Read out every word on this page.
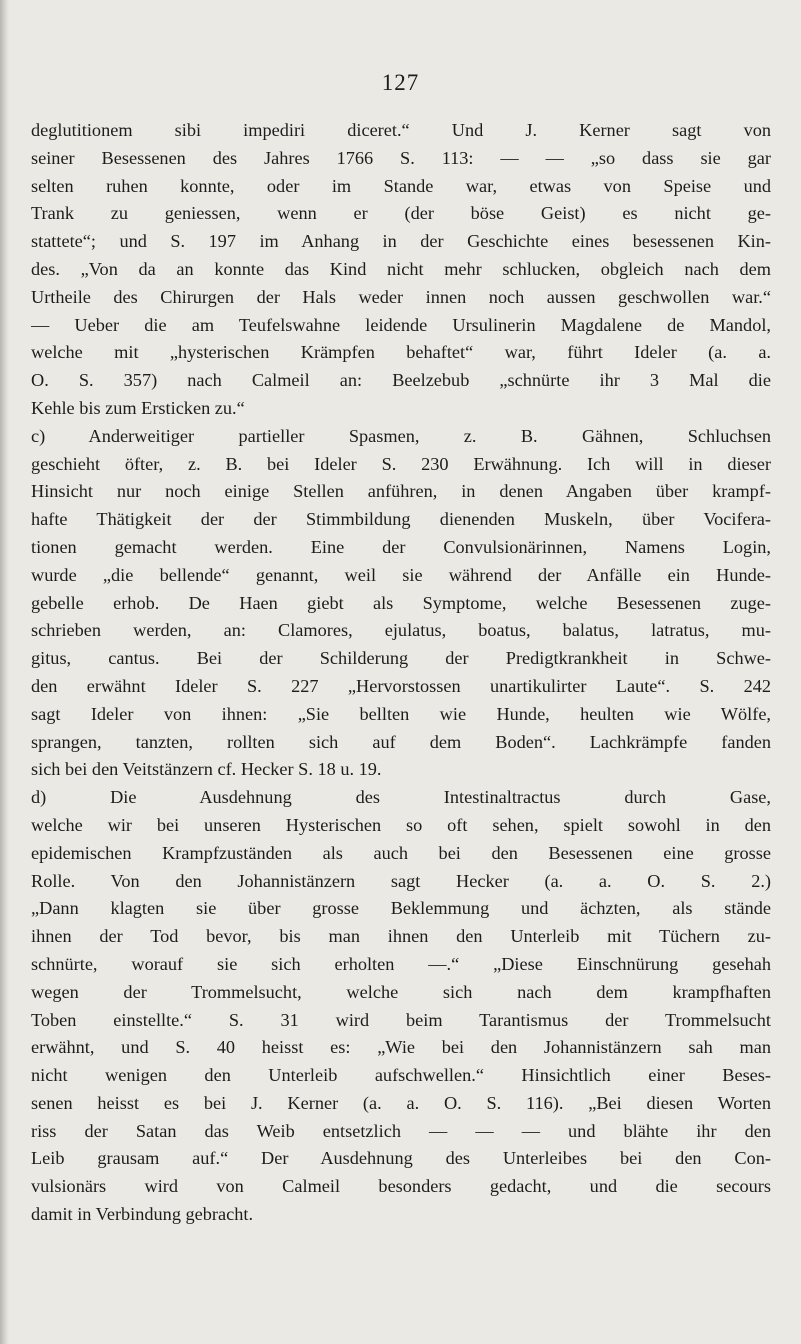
127
deglutitionem sibi impediri diceret.“ Und J. Kerner sagt von
seiner Besessenen des Jahres 1766 S. 113: — — „so dass sie gar
selten ruhen konnte, oder im Stande war, etwas von Speise und
Trank zu geniessen, wenn er (der böse Geist) es nicht ge-
stattete“; und S. 197 im Anhang in der Geschichte eines besessenen Kin-
des. „Von da an konnte das Kind nicht mehr schlucken, obgleich nach dem
Urtheile des Chirurgen der Hals weder innen noch aussen geschwollen war.“
— Ueber die am Teufelswahne leidende Ursulinerin Magdalene de Mandol,
welche mit „hysterischen Krämpfen behaftet“ war, führt Ideler (a. a.
O. S. 357) nach Calmeil an: Beelzebub „schnürte ihr 3 Mal die
Kehle bis zum Ersticken zu.“
c) Anderweitiger partieller Spasmen, z. B. Gähnen, Schluchsen
geschieht öfter, z. B. bei Ideler S. 230 Erwähnung. Ich will in dieser
Hinsicht nur noch einige Stellen anführen, in denen Angaben über krampf-
hafte Thätigkeit der der Stimmbildung dienenden Muskeln, über Vocifera-
tionen gemacht werden. Eine der Convulsionärinnen, Namens Login,
wurde „die bellende“ genannt, weil sie während der Anfälle ein Hunde-
gebelle erhob. De Haen giebt als Symptome, welche Besessenen zuge-
schrieben werden, an: Clamores, ejulatus, boatus, balatus, latratus, mu-
gitus, cantus. Bei der Schilderung der Predigtkrankheit in Schwe-
den erwähnt Ideler S. 227 „Hervorstossen unartikulirter Laute“. S. 242
sagt Ideler von ihnen: „Sie bellten wie Hunde, heulten wie Wölfe,
sprangen, tanzten, rollten sich auf dem Boden“. Lachkrämpfe fanden
sich bei den Veitstänzern cf. Hecker S. 18 u. 19.
d) Die Ausdehnung des Intestinaltractus durch Gase,
welche wir bei unseren Hysterischen so oft sehen, spielt sowohl in den
epidemischen Krampfzuständen als auch bei den Besessenen eine grosse
Rolle. Von den Johannistänzern sagt Hecker (a. a. O. S. 2.)
„Dann klagten sie über grosse Beklemmung und ächzten, als stände
ihnen der Tod bevor, bis man ihnen den Unterleib mit Tüchern zu-
schnürte, worauf sie sich erholten —.“ „Diese Einschnürung gesehah
wegen der Trommelsucht, welche sich nach dem krampfhaften
Toben einstellte.“ S. 31 wird beim Tarantismus der Trommelsucht
erwähnt, und S. 40 heisst es: „Wie bei den Johannistänzern sah man
nicht wenigen den Unterleib aufschwellen.“ Hinsichtlich einer Beses-
senen heisst es bei J. Kerner (a. a. O. S. 116). „Bei diesen Worten
riss der Satan das Weib entsetzlich — — — und blähte ihr den
Leib grausam auf.“ Der Ausdehnung des Unterleibes bei den Con-
vulsionärs wird von Calmeil besonders gedacht, und die secours
damit in Verbindung gebracht.
